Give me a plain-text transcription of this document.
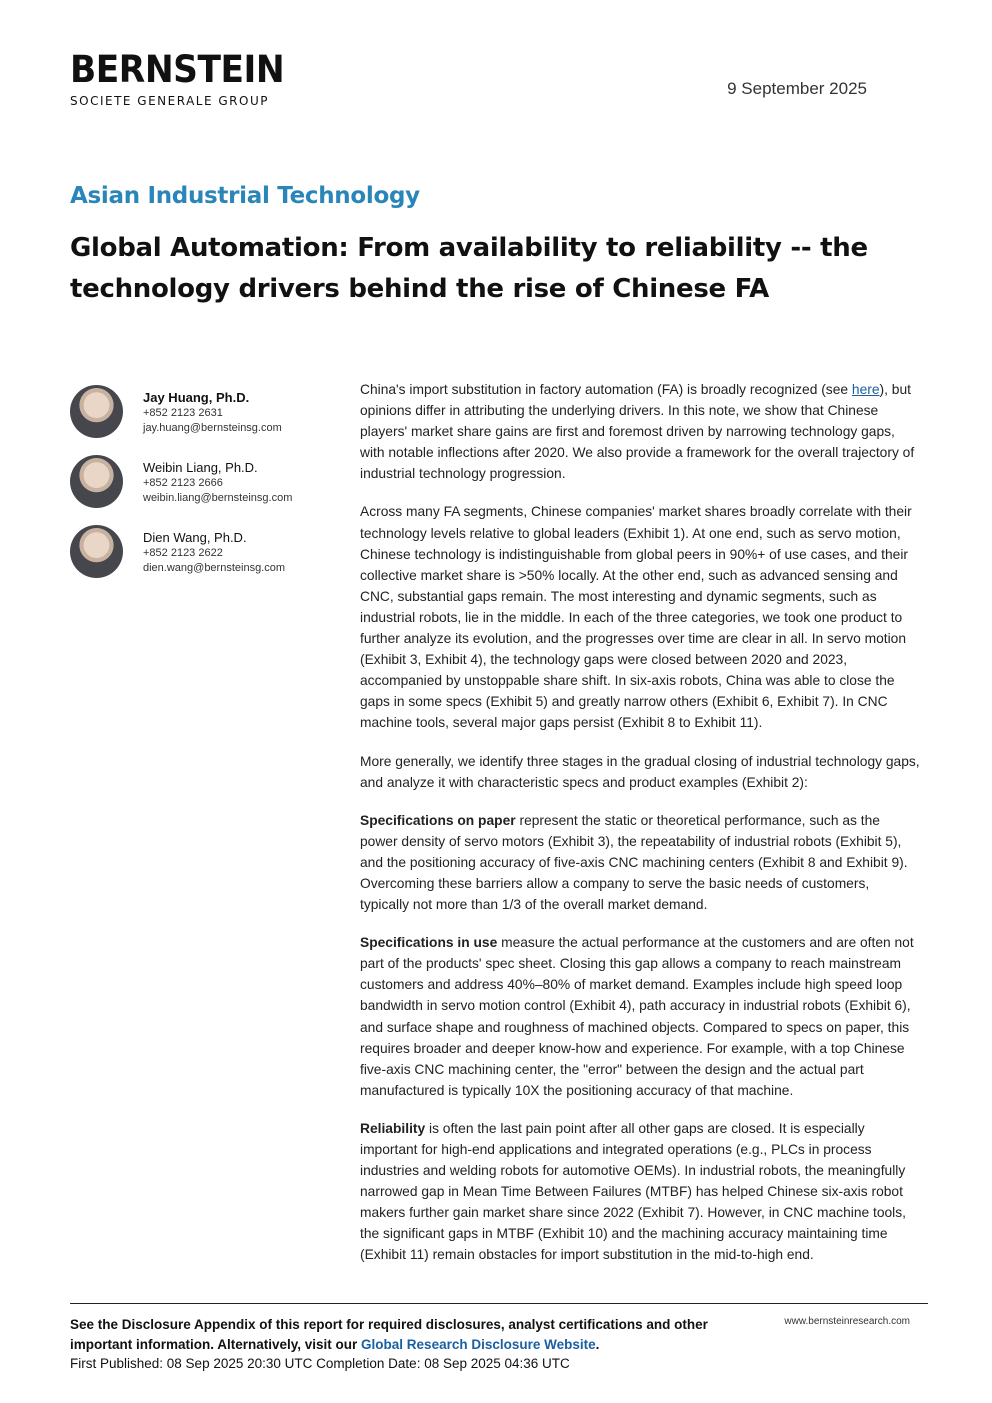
BERNSTEIN
SOCIETE GENERALE GROUP
9 September 2025
Asian Industrial Technology
Global Automation: From availability to reliability -- the
technology drivers behind the rise of Chinese FA
Jay Huang, Ph.D.
+852 2123 2631
jay.huang@bernsteinsg.com
Weibin Liang, Ph.D.
+852 2123 2666
weibin.liang@bernsteinsg.com
Dien Wang, Ph.D.
+852 2123 2622
dien.wang@bernsteinsg.com

China's import substitution in factory automation (FA) is broadly recognized (see here), but opinions differ in attributing the underlying drivers. In this note, we show that Chinese players' market share gains are first and foremost driven by narrowing technology gaps, with notable inflections after 2020. We also provide a framework for the overall trajectory of industrial technology progression.

Across many FA segments, Chinese companies' market shares broadly correlate with their technology levels relative to global leaders (Exhibit 1). At one end, such as servo motion, Chinese technology is indistinguishable from global peers in 90%+ of use cases, and their collective market share is >50% locally. At the other end, such as advanced sensing and CNC, substantial gaps remain. The most interesting and dynamic segments, such as industrial robots, lie in the middle. In each of the three categories, we took one product to further analyze its evolution, and the progresses over time are clear in all. In servo motion (Exhibit 3, Exhibit 4), the technology gaps were closed between 2020 and 2023, accompanied by unstoppable share shift. In six-axis robots, China was able to close the gaps in some specs (Exhibit 5) and greatly narrow others (Exhibit 6, Exhibit 7). In CNC machine tools, several major gaps persist (Exhibit 8 to Exhibit 11).

More generally, we identify three stages in the gradual closing of industrial technology gaps, and analyze it with characteristic specs and product examples (Exhibit 2):

Specifications on paper represent the static or theoretical performance, such as the power density of servo motors (Exhibit 3), the repeatability of industrial robots (Exhibit 5), and the positioning accuracy of five-axis CNC machining centers (Exhibit 8 and Exhibit 9). Overcoming these barriers allow a company to serve the basic needs of customers, typically not more than 1/3 of the overall market demand.

Specifications in use measure the actual performance at the customers and are often not part of the products' spec sheet. Closing this gap allows a company to reach mainstream customers and address 40%–80% of market demand. Examples include high speed loop bandwidth in servo motion control (Exhibit 4), path accuracy in industrial robots (Exhibit 6), and surface shape and roughness of machined objects. Compared to specs on paper, this requires broader and deeper know-how and experience. For example, with a top Chinese five-axis CNC machining center, the "error" between the design and the actual part manufactured is typically 10X the positioning accuracy of that machine.

Reliability is often the last pain point after all other gaps are closed. It is especially important for high-end applications and integrated operations (e.g., PLCs in process industries and welding robots for automotive OEMs). In industrial robots, the meaningfully narrowed gap in Mean Time Between Failures (MTBF) has helped Chinese six-axis robot makers further gain market share since 2022 (Exhibit 7). However, in CNC machine tools, the significant gaps in MTBF (Exhibit 10) and the machining accuracy maintaining time (Exhibit 11) remain obstacles for import substitution in the mid-to-high end.

See the Disclosure Appendix of this report for required disclosures, analyst certifications and other important information. Alternatively, visit our Global Research Disclosure Website.
First Published: 08 Sep 2025 20:30 UTC Completion Date: 08 Sep 2025 04:36 UTC
www.bernsteinresearch.com
